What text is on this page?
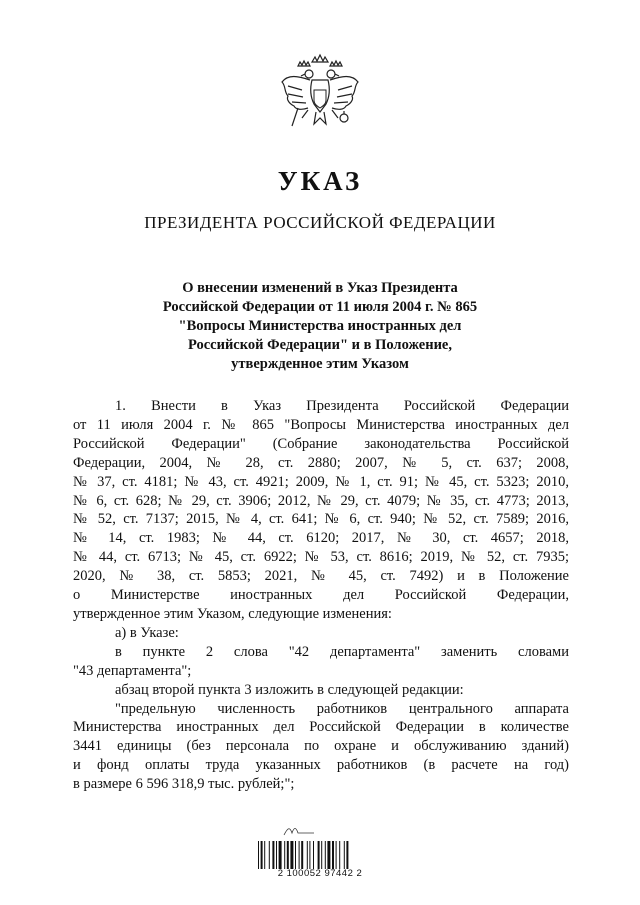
УКАЗ
ПРЕЗИДЕНТА РОССИЙСКОЙ ФЕДЕРАЦИИ
О внесении изменений в Указ Президента
Российской Федерации от 11 июля 2004 г. № 865
"Вопросы Министерства иностранных дел
Российской Федерации" и в Положение,
утвержденное этим Указом
1. Внести в Указ Президента Российской Федерации
от 11 июля 2004 г. № 865 "Вопросы Министерства иностранных дел
Российской Федерации" (Собрание законодательства Российской
Федерации, 2004, № 28, ст. 2880; 2007, № 5, ст. 637; 2008,
№ 37, ст. 4181; № 43, ст. 4921; 2009, № 1, ст. 91; № 45, ст. 5323; 2010,
№ 6, ст. 628; № 29, ст. 3906; 2012, № 29, ст. 4079; № 35, ст. 4773; 2013,
№ 52, ст. 7137; 2015, № 4, ст. 641; № 6, ст. 940; № 52, ст. 7589; 2016,
№ 14, ст. 1983; № 44, ст. 6120; 2017, № 30, ст. 4657; 2018,
№ 44, ст. 6713; № 45, ст. 6922; № 53, ст. 8616; 2019, № 52, ст. 7935;
2020, № 38, ст. 5853; 2021, № 45, ст. 7492) и в Положение
о Министерстве иностранных дел Российской Федерации,
утвержденное этим Указом, следующие изменения:
а) в Указе:
в пункте 2 слова "42 департамента" заменить словами
"43 департамента";
абзац второй пункта 3 изложить в следующей редакции:
"предельную численность работников центрального аппарата
Министерства иностранных дел Российской Федерации в количестве
3441 единицы (без персонала по охране и обслуживанию зданий)
и фонд оплаты труда указанных работников (в расчете на год)
в размере 6 596 318,9 тыс. рублей;";
2 100052 97442 2
